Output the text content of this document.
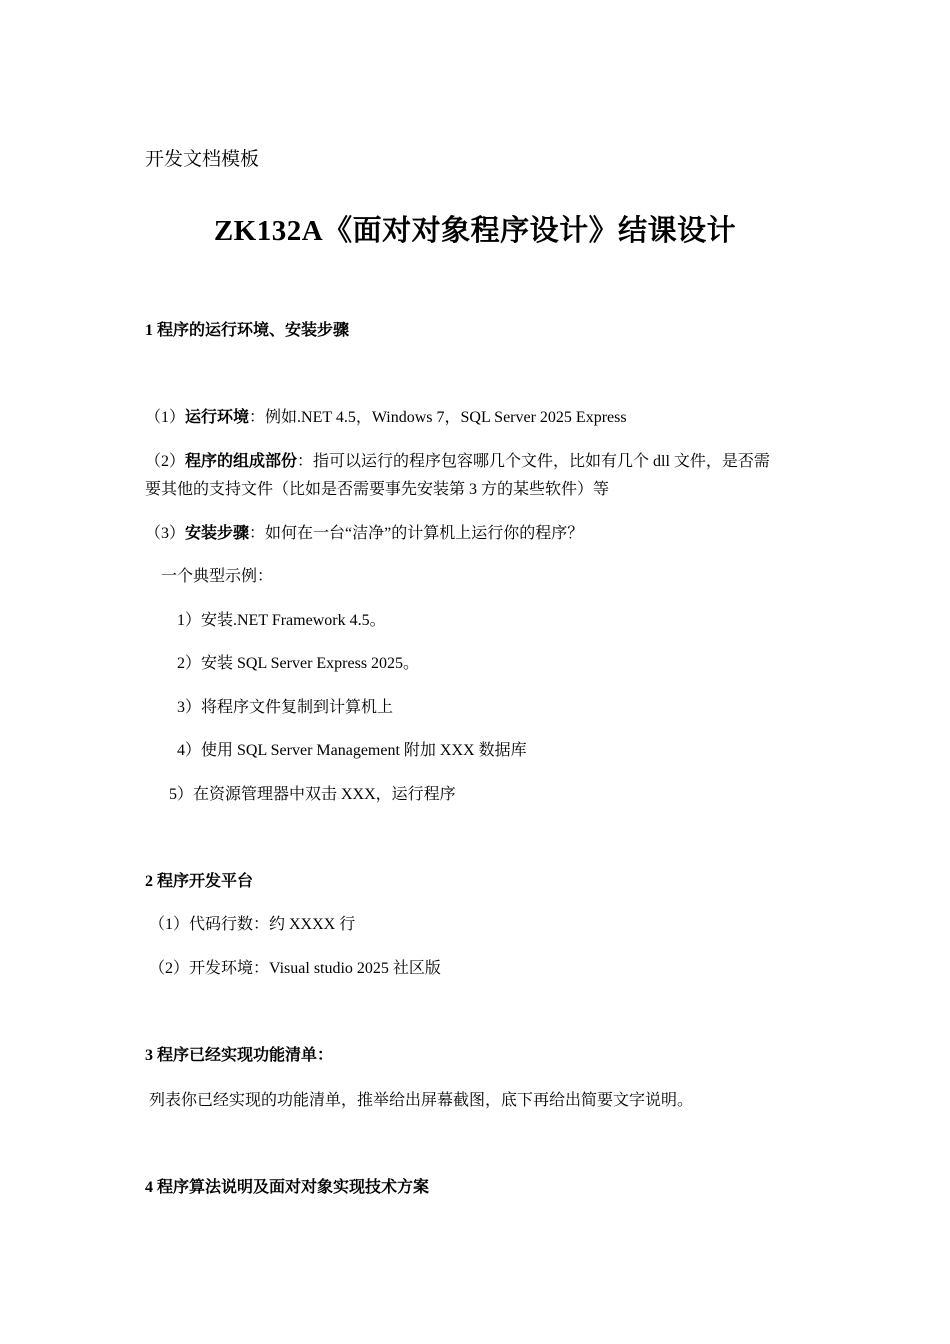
开发文档模板
ZK132A《面对对象程序设计》结课设计
1 程序的运行环境、安装步骤
（1）运行环境：例如.NET 4.5，Windows 7，SQL Server 2025 Express
（2）程序的组成部份：指可以运行的程序包容哪几个文件，比如有几个 dll 文件，是否需
要其他的支持文件（比如是否需要事先安装第 3 方的某些软件）等
（3）安装步骤：如何在一台“洁净”的计算机上运行你的程序？
一个典型示例：
1）安装.NET Framework 4.5。
2）安装 SQL Server Express 2025。
3）将程序文件复制到计算机上
4）使用 SQL Server Management 附加 XXX 数据库
5）在资源管理器中双击 XXX，运行程序
2 程序开发平台
（1）代码行数：约 XXXX 行
（2）开发环境：Visual studio 2025 社区版
3 程序已经实现功能清单：
列表你已经实现的功能清单，推举给出屏幕截图，底下再给出简要文字说明。
4 程序算法说明及面对对象实现技术方案
